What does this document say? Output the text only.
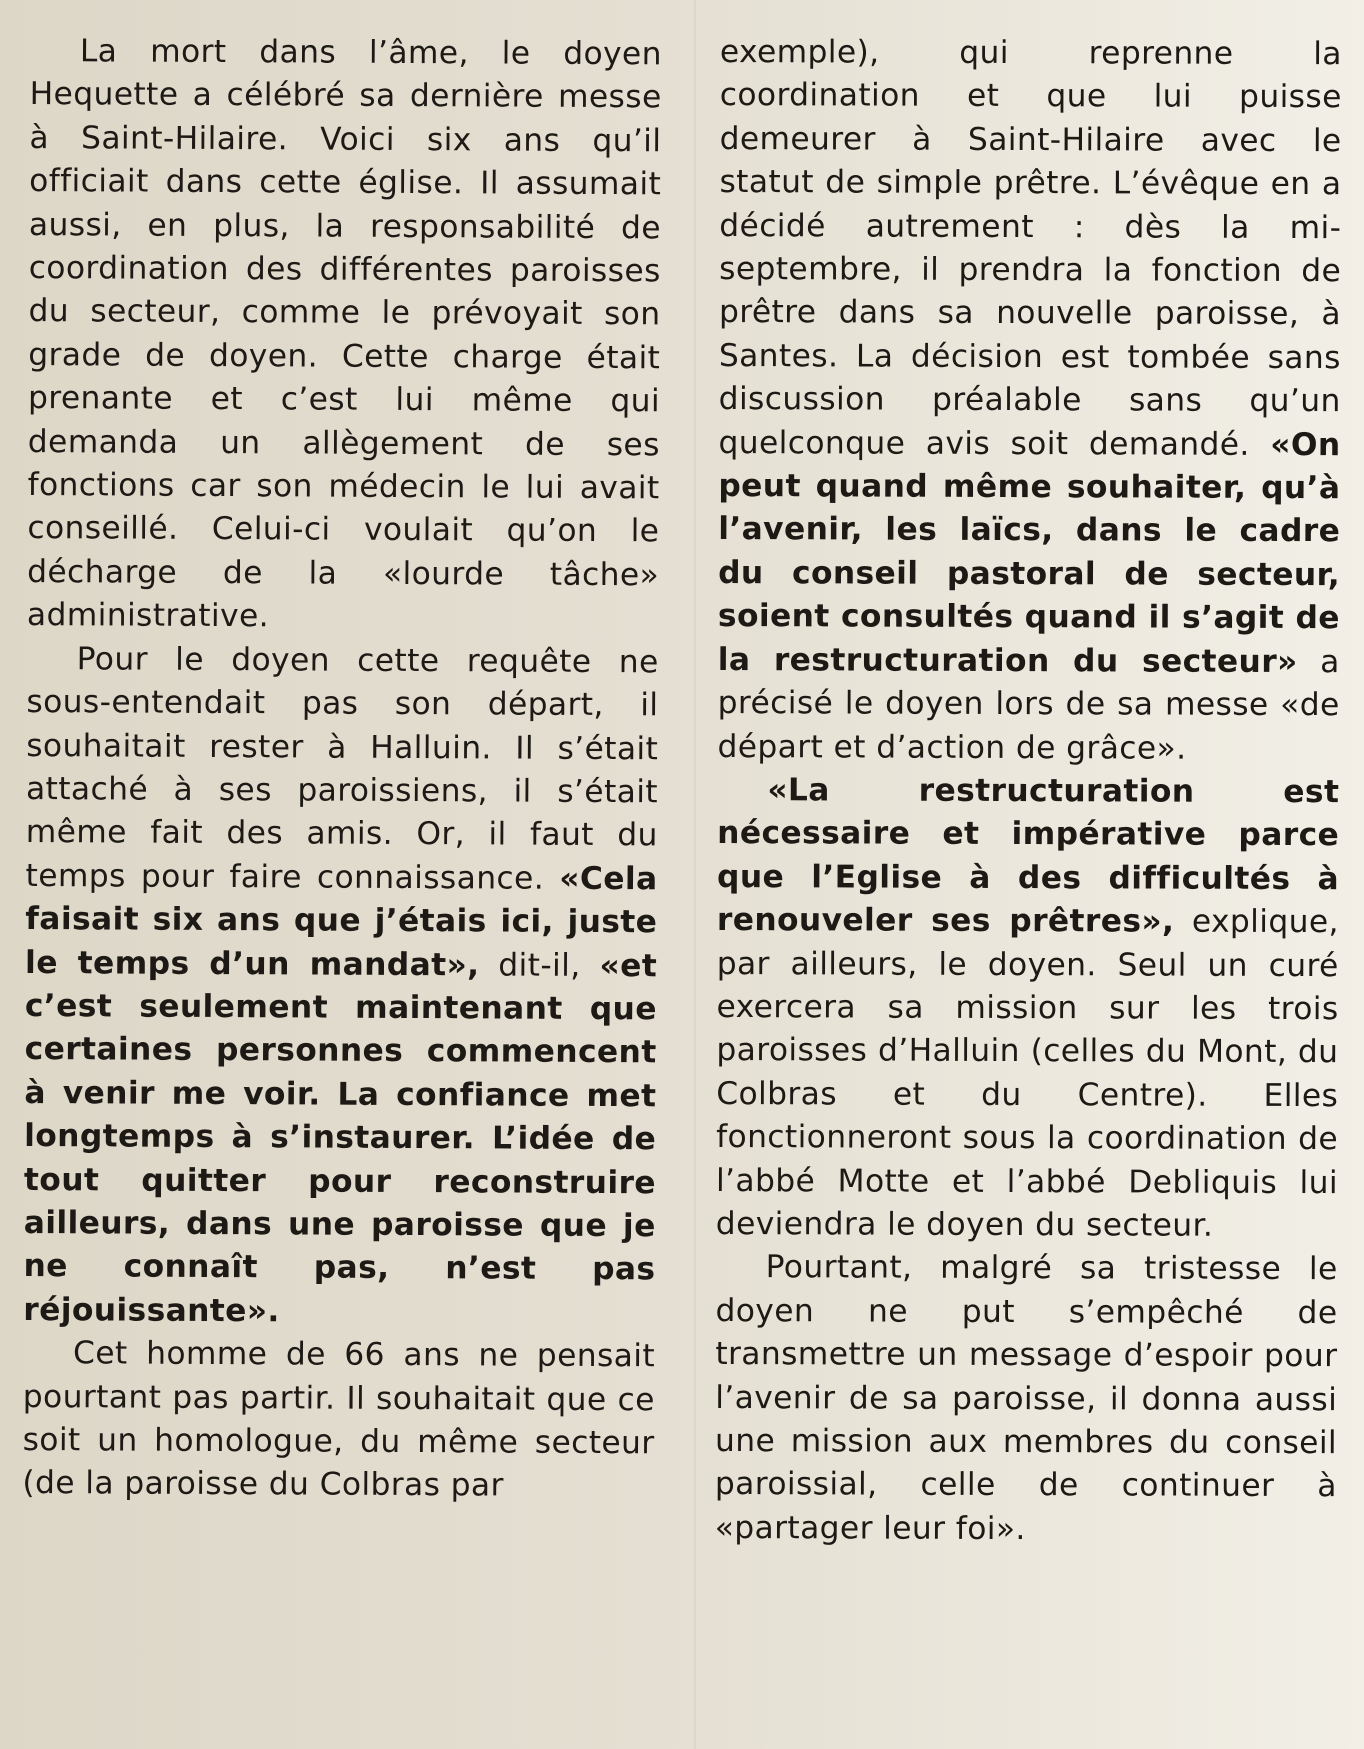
La mort dans l’âme, le doyen Hequette a célébré sa dernière messe à Saint-Hilaire. Voici six ans qu’il officiait dans cette église. Il assumait aussi, en plus, la responsabilité de coordination des différentes paroisses du secteur, comme le prévoyait son grade de doyen. Cette charge était prenante et c’est lui même qui demanda un allègement de ses fonctions car son médecin le lui avait conseillé. Celui-ci voulait qu’on le décharge de la «lourde tâche» administrative.

Pour le doyen cette requête ne sous-entendait pas son départ, il souhaitait rester à Halluin. Il s’était attaché à ses paroissiens, il s’était même fait des amis. Or, il faut du temps pour faire connaissance. «Cela faisait six ans que j’étais ici, juste le temps d’un mandat», dit-il, «et c’est seulement maintenant que certaines personnes commencent à venir me voir. La confiance met longtemps à s’instaurer. L’idée de tout quitter pour reconstruire ailleurs, dans une paroisse que je ne connaît pas, n’est pas réjouissante».

Cet homme de 66 ans ne pensait pourtant pas partir. Il souhaitait que ce soit un homologue, du même secteur (de la paroisse du Colbras par

exemple), qui reprenne la coordination et que lui puisse demeurer à Saint-Hilaire avec le statut de simple prêtre. L’évêque en a décidé autrement : dès la mi-septembre, il prendra la fonction de prêtre dans sa nouvelle paroisse, à Santes. La décision est tombée sans discussion préalable sans qu’un quelconque avis soit demandé. «On peut quand même souhaiter, qu’à l’avenir, les laïcs, dans le cadre du conseil pastoral de secteur, soient consultés quand il s’agit de la restructuration du secteur» a précisé le doyen lors de sa messe «de départ et d’action de grâce».

«La restructuration est nécessaire et impérative parce que l’Eglise à des difficultés à renouveler ses prêtres», explique, par ailleurs, le doyen. Seul un curé exercera sa mission sur les trois paroisses d’Halluin (celles du Mont, du Colbras et du Centre). Elles fonctionneront sous la coordination de l’abbé Motte et l’abbé Debliquis lui deviendra le doyen du secteur.

Pourtant, malgré sa tristesse le doyen ne put s’empêché de transmettre un message d’espoir pour l’avenir de sa paroisse, il donna aussi une mission aux membres du conseil paroissial, celle de continuer à «partager leur foi».
